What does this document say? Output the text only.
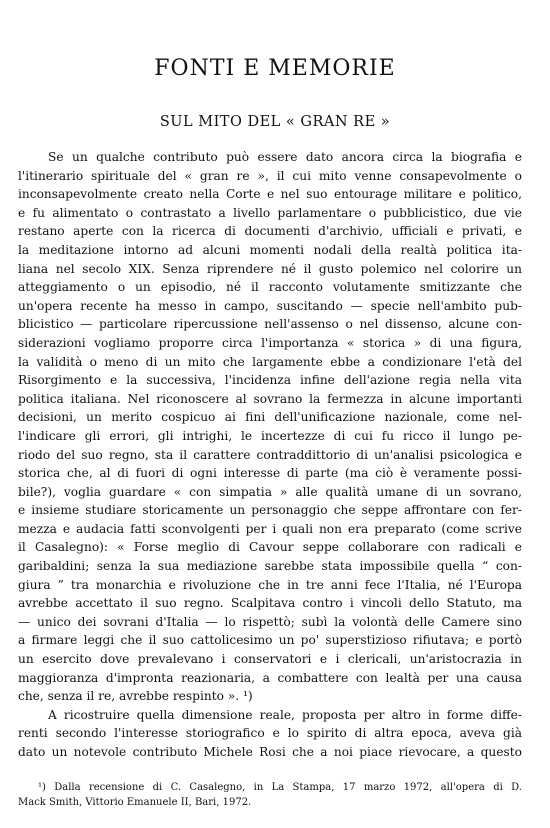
FONTI E MEMORIE
SUL MITO DEL « GRAN RE »
Se un qualche contributo può essere dato ancora circa la biografia e
l'itinerario spirituale del « gran re », il cui mito venne consapevolmente o
inconsapevolmente creato nella Corte e nel suo entourage militare e politico,
e fu alimentato o contrastato a livello parlamentare o pubblicistico, due vie
restano aperte con la ricerca di documenti d'archivio, ufficiali e privati, e
la meditazione intorno ad alcuni momenti nodali della realtà politica ita-
liana nel secolo XIX. Senza riprendere né il gusto polemico nel colorire un
atteggiamento o un episodio, né il racconto volutamente smitizzante che
un'opera recente ha messo in campo, suscitando — specie nell'ambito pub-
blicistico — particolare ripercussione nell'assenso o nel dissenso, alcune con-
siderazioni vogliamo proporre circa l'importanza « storica » di una figura,
la validità o meno di un mito che largamente ebbe a condizionare l'età del
Risorgimento e la successiva, l'incidenza infine dell'azione regia nella vita
politica italiana. Nel riconoscere al sovrano la fermezza in alcune importanti
decisioni, un merito cospicuo ai fini dell'unificazione nazionale, come nel-
l'indicare gli errori, gli intrighi, le incertezze di cui fu ricco il lungo pe-
riodo del suo regno, sta il carattere contraddittorio di un'analisi psicologica e
storica che, al di fuori di ogni interesse di parte (ma ciò è veramente possi-
bile?), voglia guardare « con simpatia » alle qualità umane di un sovrano,
e insieme studiare storicamente un personaggio che seppe affrontare con fer-
mezza e audacia fatti sconvolgenti per i quali non era preparato (come scrive
il Casalegno): « Forse meglio di Cavour seppe collaborare con radicali e
garibaldini; senza la sua mediazione sarebbe stata impossibile quella “ con-
giura ” tra monarchia e rivoluzione che in tre anni fece l'Italia, né l'Europa
avrebbe accettato il suo regno. Scalpitava contro i vincoli dello Statuto, ma
— unico dei sovrani d'Italia — lo rispettò; subì la volontà delle Camere sino
a firmare leggi che il suo cattolicesimo un po' superstizioso rifiutava; e portò
un esercito dove prevalevano i conservatori e i clericali, un'aristocrazia in
maggioranza d'impronta reazionaria, a combattere con lealtà per una causa
che, senza il re, avrebbe respinto ». ¹)
A ricostruire quella dimensione reale, proposta per altro in forme diffe-
renti secondo l'interesse storiografico e lo spirito di altra epoca, aveva già
dato un notevole contributo Michele Rosi che a noi piace rievocare, a questo
¹) Dalla recensione di C. Casalegno, in La Stampa, 17 marzo 1972, all'opera di D.
Mack Smith, Vittorio Emanuele II, Bari, 1972.
